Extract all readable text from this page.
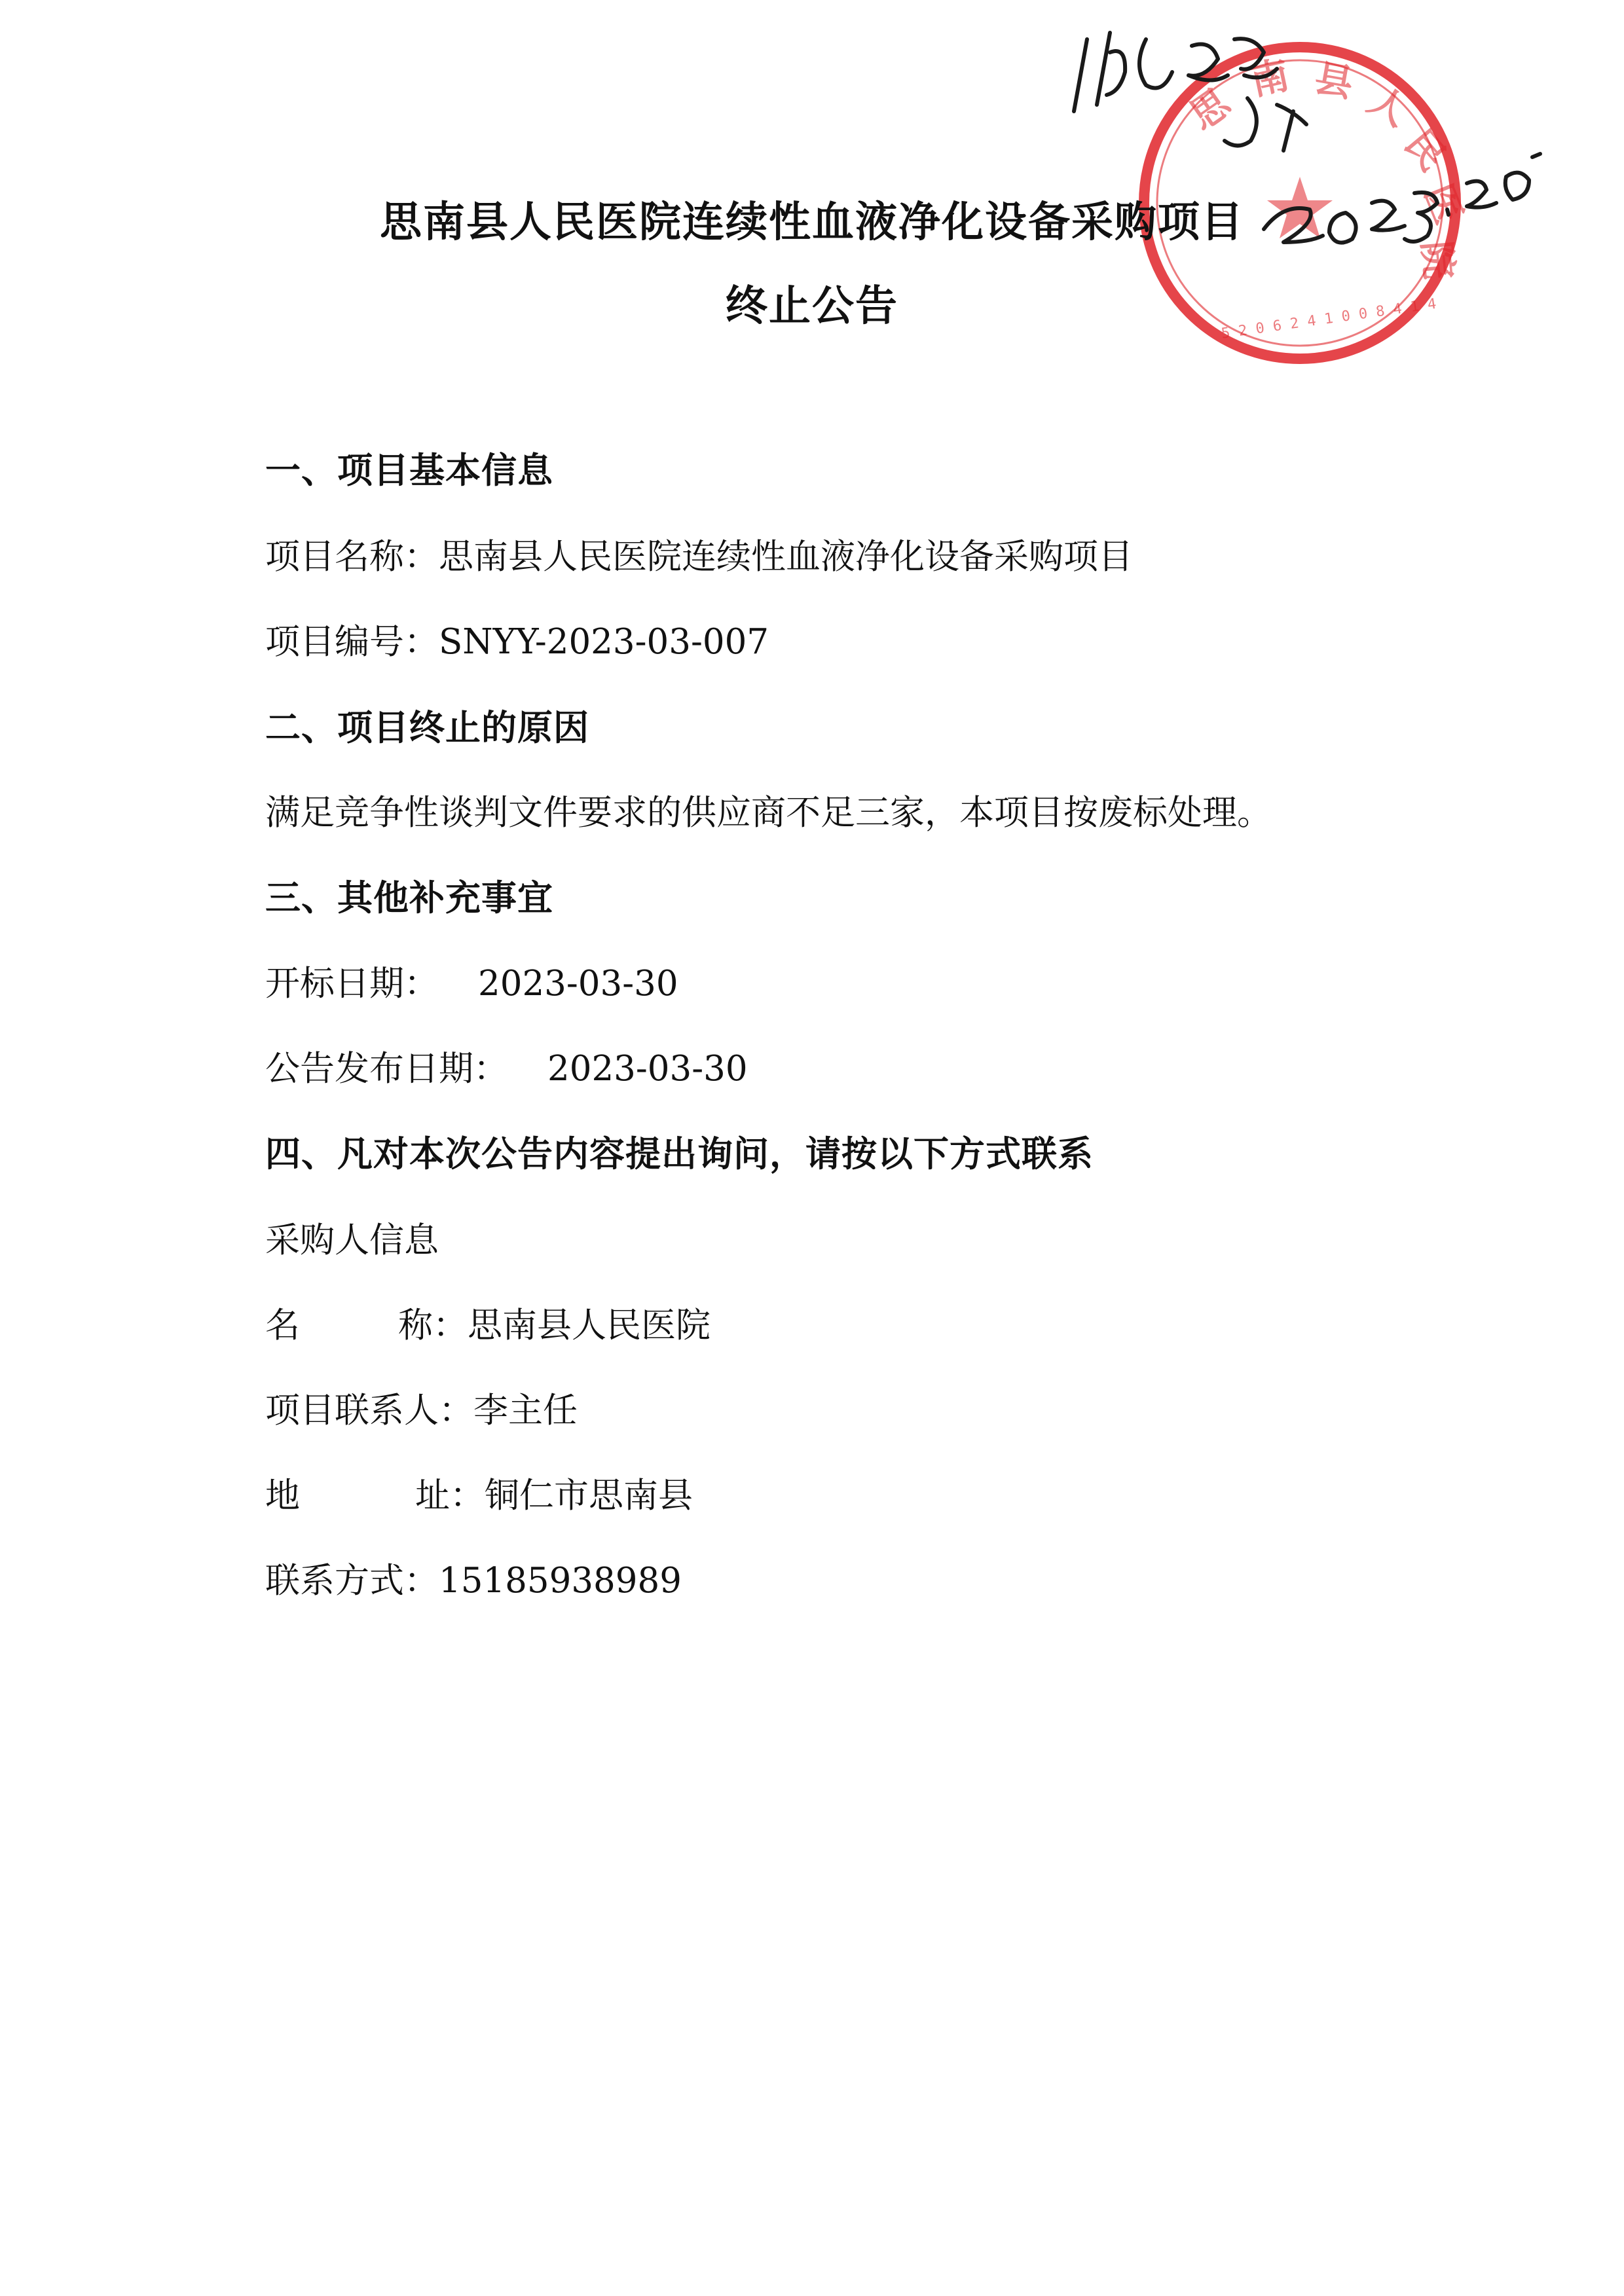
思
南 县 人
民
医
院
5 2 0 6 2 4 1 0 0 8 4 1 4
思南县人民医院连续性血液净化设备采购项目
终止公告
一、项目基本信息
项目名称：思南县人民医院连续性血液净化设备采购项目
项目编号：SNYY-2023-03-007
二、项目终止的原因
满足竞争性谈判文件要求的供应商不足三家，本项目按废标处理。
三、其他补充事宜
开标日期： 2023-03-30
公告发布日期： 2023-03-30
四、凡对本次公告内容提出询问，请按以下方式联系
采购人信息
名	称：思南县人民医院
项目联系人：李主任
地	址：铜仁市思南县
联系方式：15185938989
